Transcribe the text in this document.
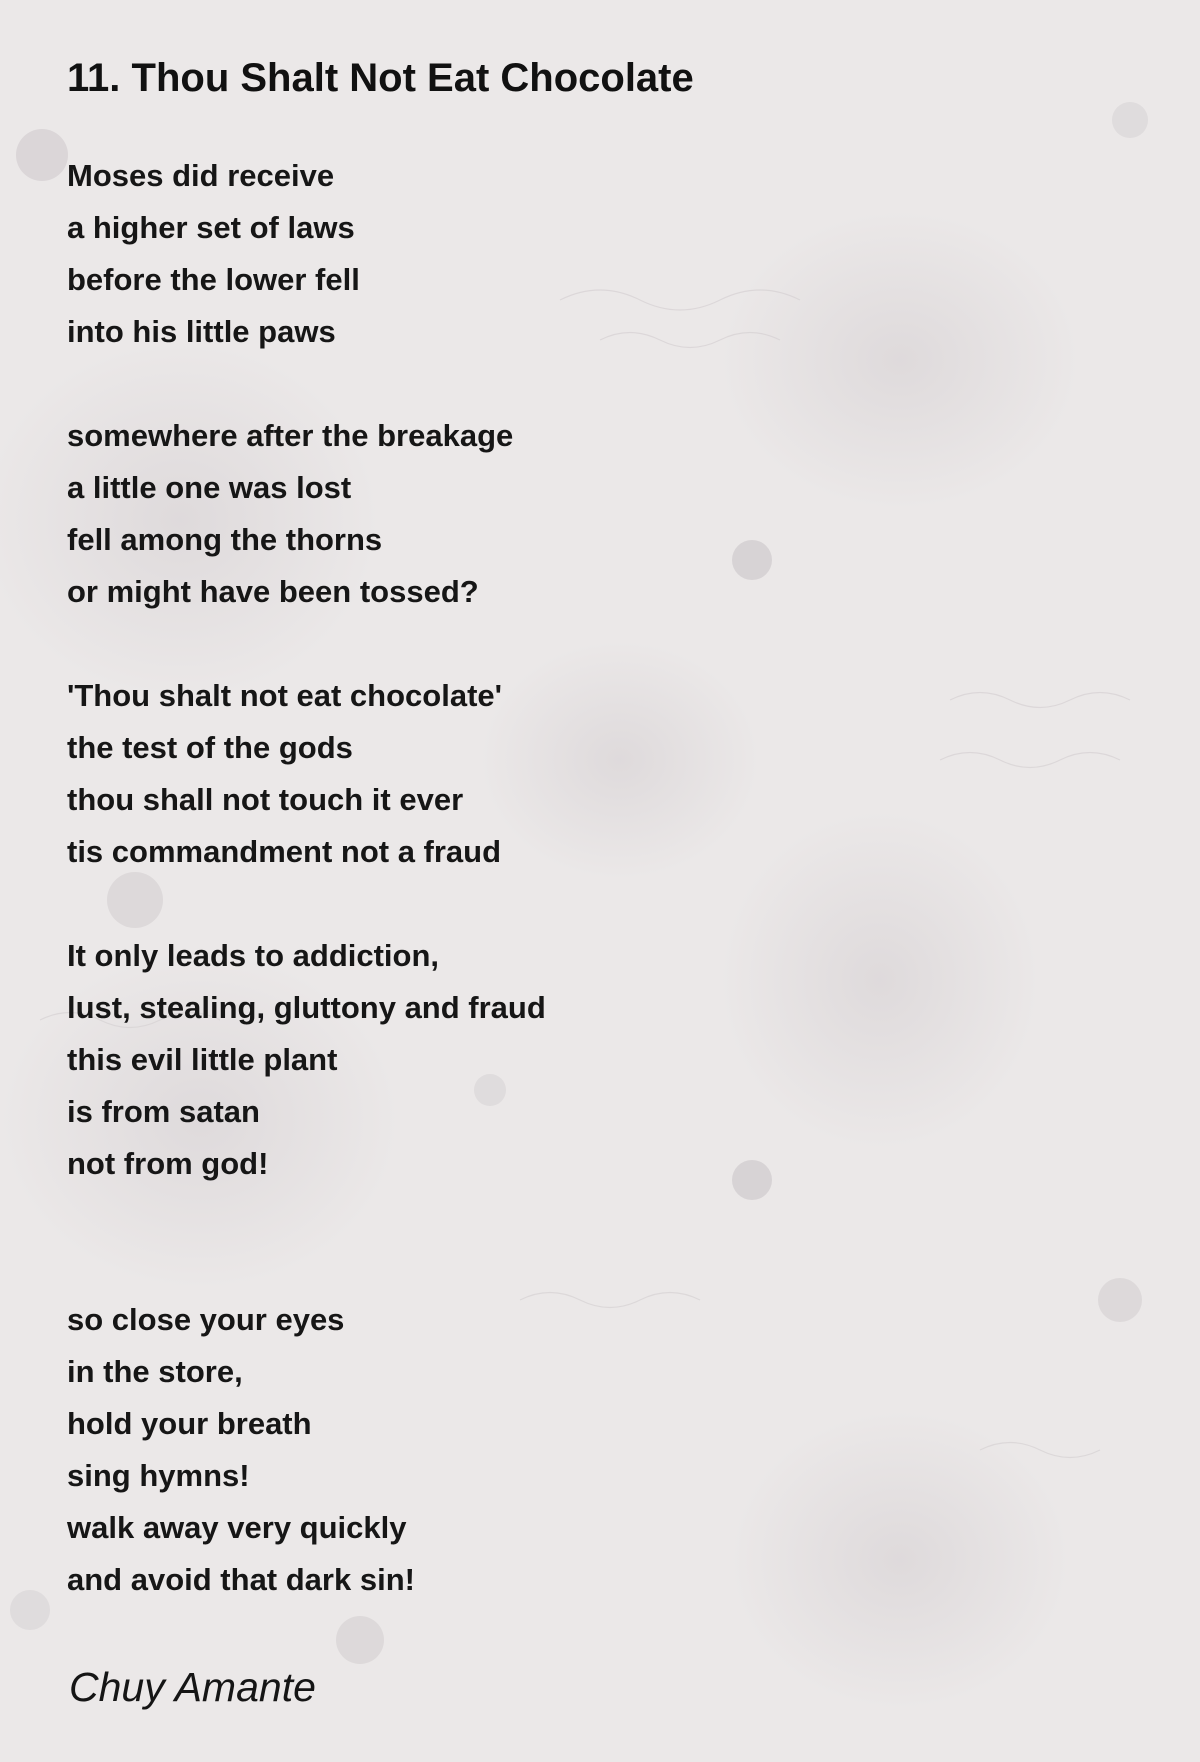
11. Thou Shalt Not Eat Chocolate

Moses did receive
a higher set of laws
before the lower fell
into his little paws

somewhere after the breakage
a little one was lost
fell among the thorns
or might have been tossed?

'Thou shalt not eat chocolate'
the test of the gods
thou shall not touch it ever
tis commandment not a fraud

It only leads to addiction,
lust, stealing, gluttony and fraud
this evil little plant
is from satan
not from god!

so close your eyes
in the store,
hold your breath
sing hymns!
walk away very quickly
and avoid that dark sin!

Chuy Amante
